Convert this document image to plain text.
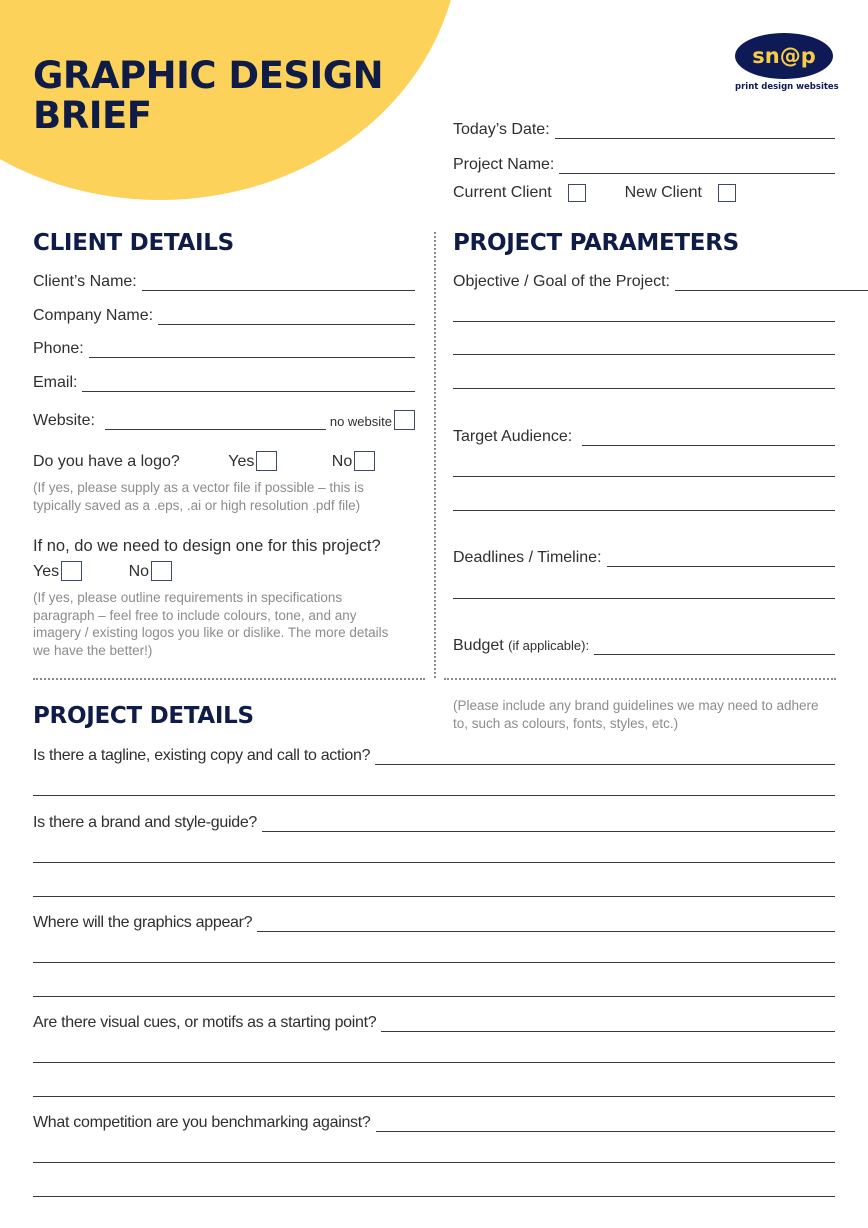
GRAPHIC DESIGN
BRIEF
sn@p
print design websites
Today’s Date:
Project Name:
Current Client	New Client
CLIENT DETAILS
Client’s Name:
Company Name:
Phone:
Email:
Website:	no website
Do you have a logo?	Yes	No
(If yes, please supply as a vector file if possible – this is typically saved as a .eps, .ai or high resolution .pdf file)
If no, do we need to design one for this project?
Yes	No
(If yes, please outline requirements in specifications paragraph – feel free to include colours, tone, and any imagery / existing logos you like or dislike. The more details we have the better!)
PROJECT PARAMETERS
Objective / Goal of the Project:
Target Audience:
Deadlines / Timeline:
Budget (if applicable):
PROJECT DETAILS	(Please include any brand guidelines we may need to adhere to, such as colours, fonts, styles, etc.)
Is there a tagline, existing copy and call to action?
Is there a brand and style-guide?
Where will the graphics appear?
Are there visual cues, or motifs as a starting point?
What competition are you benchmarking against?
